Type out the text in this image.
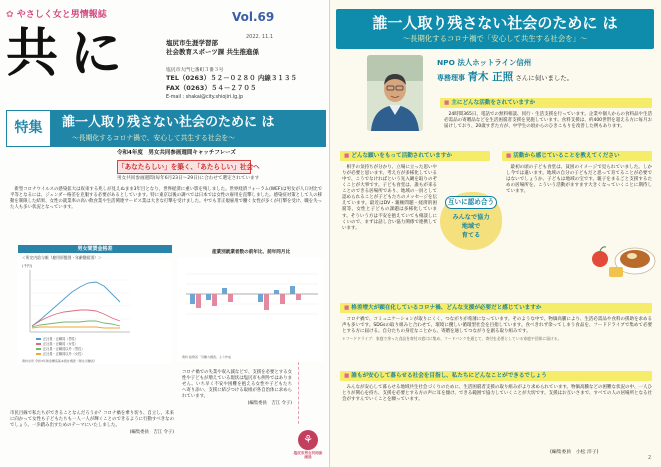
✿ やさしく女と男情報誌
共に
Vol.69
2022. 11.1
塩尻市生涯学習部
社会教育スポーツ課 共生推進係
塩尻市大門七番町３番３号
TEL（0263）５２－０２８０ 内線３１３５
FAX（0263）５４－２７０５
E-mail : shakai@city.shiojiri.lg.jp
特集	誰一人取り残さない社会のために は
～長期化するコロナ禍で、安心して共生する社会を～
令和4年度　男女共同参画週間キャッチフレーズ
「あなたらしい」を築く、「あたらしい」社会へ
男女共同参画週間(毎年6月23日～29日)に合わせて選定されています

新型コロナウイルスの感染拡大は収束する兆しが見えぬまま3年目となり、世界経済に重い影を残しました。世界経済フォーラム(WEF)は男女が人口対比で平等となるには、ジェンダー格差を克服する必要があるとしています。特に東京以後の調べでは日本では女性の雇用を直撃しました。感染症対策として人の移動を制限した結果、女性の就業率の高い飲食業や生活関連サービス業は大きな打撃を受けました。中でも非正規雇用で働く女性が多くが打撃を受け、職を失った人も多い状況となっています。

男女間賃金格差
＜所定内給与額（雇用形態別・年齢階級別）＞
(千円)
正社員・正職員（男性）
正社員・正職員（女性）
正社員・正職員以外（男性）
正社員・正職員以外（女性）
資料出所 令和3年賃金構造基本統計調査（厚生労働省）
産業別就業者数の前年比、前年同月比
資料 総務省「労働力調査」より作成
コロナ禍での失業や収入減などで、支援を必要とする女性や子どもが増えている現状は塩尻市も例外ではありません。いち早く不安や困難を抱える女性や子どもたちへ寄り添い、支援に結びつける取組が各自治体に求められています。
(編集委員　吉江 令子)
市民目線で私たちができることなんだろうか？コロナ禍を乗り切り、自立し、未来に向かって女性も子どもたちも一人一人が輝くことのできるように行動すべきなのでしょう。一歩踏み出すためのテーマにいたしました。
(編集委員　吉江 令子)
⚘
塩尻市男女共同参画局
誰一人取り残さない社会のために は
～長期化するコロナ禍で「安心して共生する社会を」～
NPO 法人ホットライン信州
専務理事 青木 正照 さんに伺いました。
■ 主にどんな活動をされていますか

24時間365日、電話での無料相談、同行・生活支援を行っています。企業や個人からの食料品や生活必需品の寄贈品などを生活困窮者支援を実施しています。食料支援は、約400世帯を超える方に毎月お届けしており、20歳すぎた方が、中学生の頃からのひきこもりを改善した例もあります。

■ どんな願いをもって活動されていますか

相手の気持ちが分かり、立場に立った思いやりが必要と思います。考え方が多様化している中で、こうでなければという先入観を取りのぞくことが大事です。子ども食堂は、誰もが来ることのできる居場所であり、地域の一員として認められることが子どもたちのメッセージを伝えています。最近はDV・親権問題・経済的困窮等、女性と子どもの課題は多様化しています。そういう方は不安を抱えていても相談しにくいので、まずは話し合い協力関係で連携しています。

■ 活動から感じていることを教えてください

最初の頃の子ども食堂は、貧困のイメージで見られていました。しかし今では違います。地域の自分の子どもだと思って育てることが必要ではないでしょうか。子どもは地域の宝です。親子をまるごと支援するための居場所を、こういう活動がますます大きくなっていくことに期待しています。

互いに認め合う
みんなで協力
地域で
育てる
■ 格差增大が顕在化しているコロナ禍、どんな支援が必要だと感じていますか

コロナ禍で、コミュニケーションが取りにくく、つながりが希薄になっています。そのような中で、物価高騰により、生活必需品や食料の援助を求める声も多いです。SDGsの取り組みと合わせて、環境に優しい循環型社会を目指しています。食べきれず余ってしまう食品を、フードドライブで集めて必要とする方に届ける。自分たちの身近なことから、寄贈を通してつながりを創る取り組みです。

＊フードドライブ：家庭で余った食品を寄付の窓口に集め、フードバンクを通じて、寄付を必要としている家庭や団体に届ける。

■ 誰もが安心して暮らせる社会を目指し、私たちにどんなことができるでしょう

みんなが安心して暮らせる地域共生社会づくりのために、生活困窮者支援の取り組みがより求められています。物価高騰などの困難な状況の中、一人ひとりが関心を持ち、支援を必要とする方の声に耳を傾け、できる範囲で協力していくことが大切です。支援はお互いさまで、すべての人の居場所となる社会がすすんでいくことを願っています。

(編集委員　小松 洋子)
2
